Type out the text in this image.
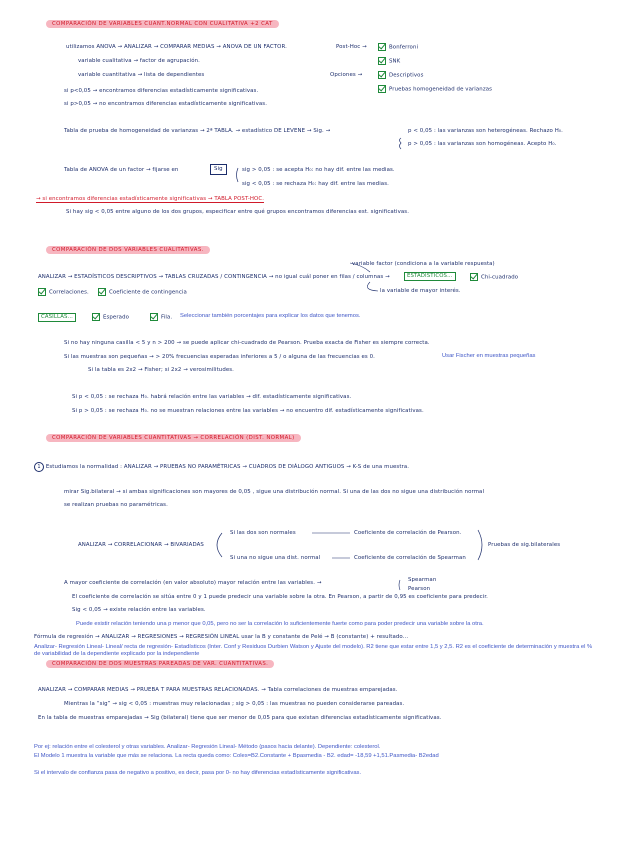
COMPARACIÓN DE VARIABLES CUANT.NORMAL CON CUALITATIVA +2 CAT
utilizamos ANOVA → ANALIZAR → COMPARAR MEDIAS → ANOVA DE UN FACTOR.
variable cualitativa → factor de agrupación.
variable cuantitativa → lista de dependientes
Post-Hoc →	Bonferroni
SNK
Opciones →	Descriptivos
Pruebas homogeneidad de varianzas
si p<0,05 → encontramos diferencias estadísticamente significativas.
si p>0,05 → no encontramos diferencias estadísticamente significativas.
Tabla de prueba de homogeneidad de varianzas → 2ª TABLA. → estadístico DE LEVENE → Sig. →	p < 0,05 : las varianzas son heterogéneas. Rechazo H₀.
p > 0,05 : las varianzas son homogéneas. Acepto H₀.
Tabla de ANOVA de un factor → fijarse en	Sig	sig > 0,05 : se acepta H₀: no hay dif. entre las medias.
sig < 0,05 : se rechaza H₀: hay dif. entre las medias.
→ si encontramos diferencias estadísticamente significativas → TABLA POST-HOC.
Si hay sig < 0,05 entre alguno de los dos grupos, especificar entre qué grupos encontramos diferencias est. significativas.
COMPARACIÓN DE DOS VARIABLES CUALITATIVAS.
variable factor (condiciona a la variable respuesta)
ANALIZAR → ESTADÍSTICOS DESCRIPTIVOS → TABLAS CRUZADAS / CONTINGENCIA → no igual cuál poner en filas / columnas →	ESTADÍSTICOS...	Chi-cuadrado
Correlaciones.	Coeficiente de contingencia	la variable de mayor interés.
CASILLAS...	Esperado	Fila. Seleccionar también porcentajes para explicar los datos que tenemos.
Si no hay ninguna casilla < 5 y n > 200 → se puede aplicar chi-cuadrado de Pearson. Prueba exacta de Fisher es siempre correcta.
Si las muestras son pequeñas → > 20% frecuencias esperadas inferiores a 5 / o alguna de las frecuencias es 0.	Usar Fischer en muestras pequeñas
Si la tabla es 2x2 → Fisher; si 2x2 → verosimilitudes.
Si p < 0,05 : se rechaza H₀. habrá relación entre las variables → dif. estadísticamente significativas.
Si p > 0,05 : se rechaza H₀. no se muestran relaciones entre las variables → no encuentro dif. estadísticamente significativas.
COMPARACIÓN DE VARIABLES CUANTITATIVAS → CORRELACIÓN (DIST. NORMAL)
1 Estudiamos la normalidad : ANALIZAR → PRUEBAS NO PARAMÉTRICAS → CUADROS DE DIÁLOGO ANTIGUOS → K-S de una muestra.
mirar Sig.bilateral → si ambas significaciones son mayores de 0,05 , sigue una distribución normal. Si una de las dos no sigue una distribución normal
se realizan pruebas no paramétricas.
ANALIZAR → CORRELACIONAR → BIVARIADAS
Si las dos son normales	Coeficiente de correlación de Pearson.
Si una no sigue una dist. normal	Coeficiente de correlación de Spearman
Pruebas de sig.bilaterales
A mayor coeficiente de correlación (en valor absoluto) mayor relación entre las variables. →	Spearman
Pearson
El coeficiente de correlación se sitúa entre 0 y 1 puede predecir una variable sobre la otra. En Pearson, a partir de 0,95 es coeficiente para predecir.
Sig < 0,05 → existe relación entre las variables.
Puede existir relación teniendo una p menor que 0,05, pero no ser la correlación lo suficientemente fuerte como para poder predecir una variable sobre la otra.
Fórmula de regresión → ANALIZAR → REGRESIONES → REGRESIÓN LINEAL usar la B y constante de Pelé → B (constante) + resultado...
Analizar- Regresión Lineal- Lineal/ recta de regresión- Estadísticos (Inter. Conf y Residuos Durbien Watson y Ajuste del modelo). R2 tiene que estar entre 1,5 y 2,5. R2 es el coeficiente de determinación y muestra el % de variabilidad de la dependiente explicado por la independiente
COMPARACIÓN DE DOS MUESTRAS PAREADAS DE VAR. CUANTITATIVAS.
ANALIZAR → COMPARAR MEDIAS → PRUEBA T PARA MUESTRAS RELACIONADAS. → Tabla correlaciones de muestras emparejadas.
Mientras la “sig” → sig < 0,05 : muestras muy relacionadas ; sig > 0,05 : las muestras no pueden considerarse pareadas.
En la tabla de muestras emparejadas → Sig (bilateral) tiene que ser menor de 0,05 para que existan diferencias estadísticamente significativas.
Por ej: relación entre el colesterol y otras variables. Analizar- Regresión Lineal- Método (pasos hacia delante). Dependiente: colesterol.
El Modelo 1 muestra la variable que más se relaciona. La recta queda como: Coles=B2.Constante + Bpasmedia - B2. edad= -18,59 +1,51.Pasmedia- B2edad
Si el intervalo de confianza pasa de negativo a positivo, es decir, pasa por 0- no hay diferencias estadísticamente significativas.
